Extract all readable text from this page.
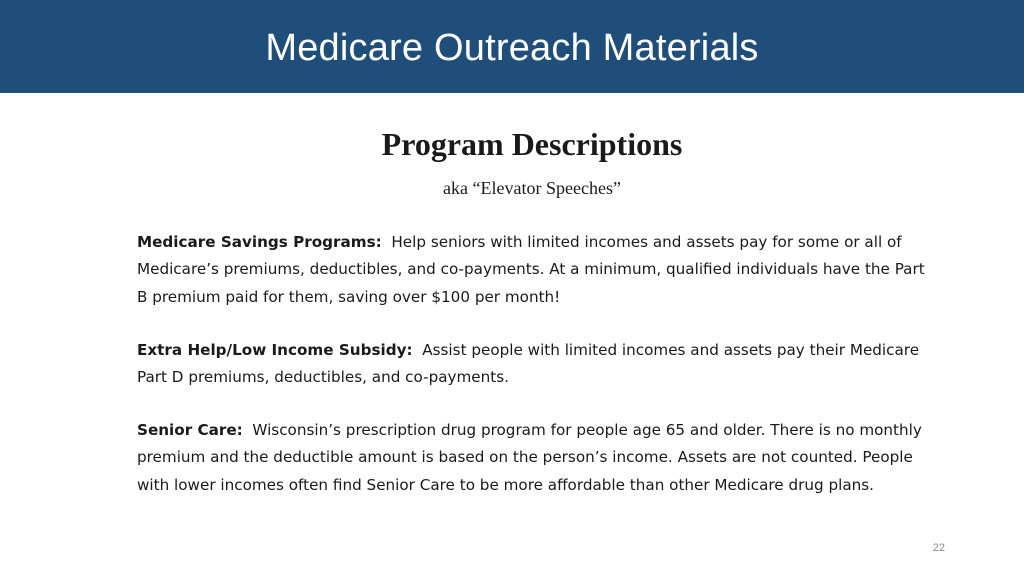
Medicare Outreach Materials
Program Descriptions
aka “Elevator Speeches”
Medicare Savings Programs: Help seniors with limited incomes and assets pay for some or all of Medicare’s premiums, deductibles, and co-payments. At a minimum, qualified individuals have the Part B premium paid for them, saving over $100 per month!
Extra Help/Low Income Subsidy: Assist people with limited incomes and assets pay their Medicare Part D premiums, deductibles, and co-payments.
Senior Care: Wisconsin’s prescription drug program for people age 65 and older. There is no monthly premium and the deductible amount is based on the person’s income. Assets are not counted. People with lower incomes often find Senior Care to be more affordable than other Medicare drug plans.
22
